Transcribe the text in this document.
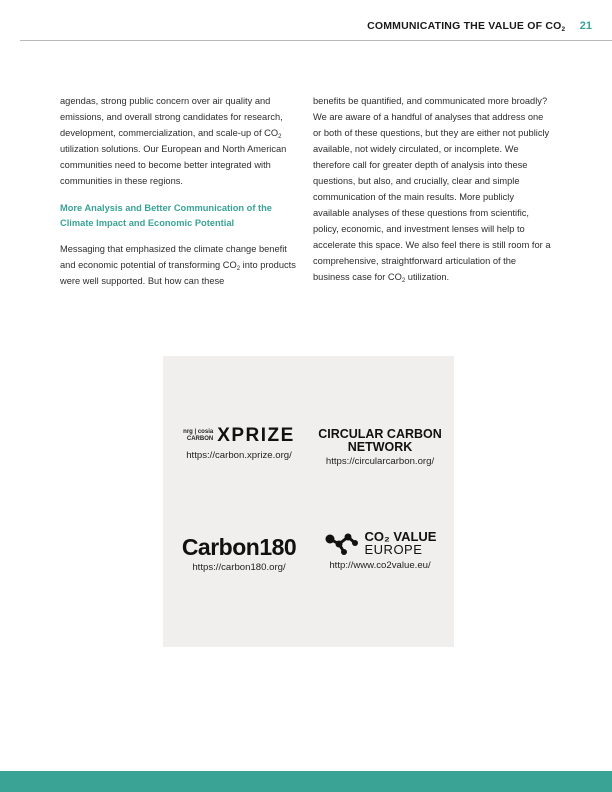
COMMUNICATING THE VALUE OF $CO_2$ 21

agendas, strong public concern over air quality and emissions, and overall strong candidates for research, development, commercialization, and scale-up of $CO_2$ utilization solutions. Our European and North American communities need to become better integrated with communities in these regions.

More Analysis and Better Communication of the Climate Impact and Economic Potential

Messaging that emphasized the climate change benefit and economic potential of transforming $CO_2$ into products were well supported. But how can these

benefits be quantified, and communicated more broadly? We are aware of a handful of analyses that address one or both of these questions, but they are either not publicly available, not widely circulated, or incomplete. We therefore call for greater depth of analysis into these questions, but also, and crucially, clear and simple communication of the main results. More publicly available analyses of these questions from scientific, policy, economic, and investment lenses will help to accelerate this space. We also feel there is still room for a comprehensive, straightforward articulation of the business case for $CO_2$ utilization.

nrg | cosia
CARBON XPRIZE
https://carbon.xprize.org/
CIRCULAR CARBON
NETWORK
https://circularcarbon.org/
Carbon180
https://carbon180.org/
CO₂ VALUE
EUROPE
http://www.co2value.eu/
